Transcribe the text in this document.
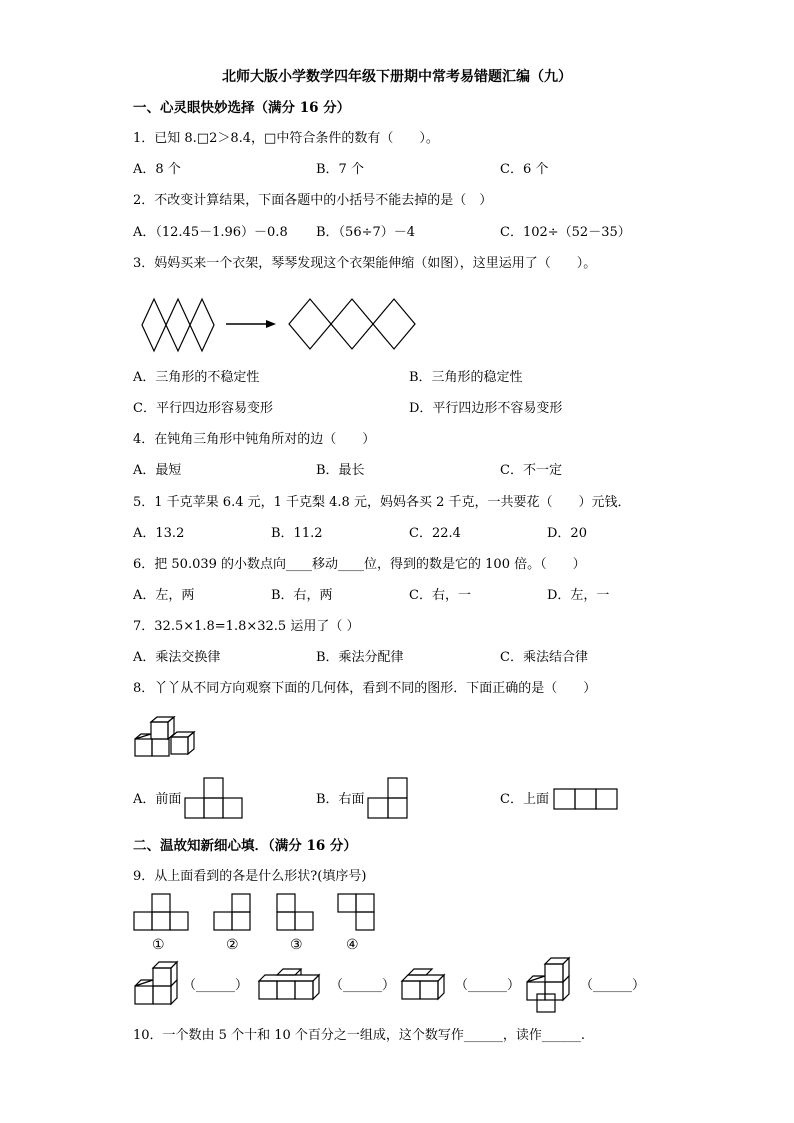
北师大版小学数学四年级下册期中常考易错题汇编（九）
一、心灵眼快妙选择（满分 16 分）
1．已知 8.□2＞8.4，□中符合条件的数有（　　）。
A．8 个	B．7 个	C．6 个
2．不改变计算结果，下面各题中的小括号不能去掉的是（　）
A．（12.45－1.96）－0.8 B．（56÷7）－4	C．102÷（52－35）
3．妈妈买来一个衣架，琴琴发现这个衣架能伸缩（如图），这里运用了（　　）。
A．三角形的不稳定性	B．三角形的稳定性
C．平行四边形容易变形	D．平行四边形不容易变形
4．在钝角三角形中钝角所对的边（　　）
A．最短	B．最长	C．不一定
5．1 千克苹果 6.4 元，1 千克梨 4.8 元，妈妈各买 2 千克，一共要花（　　）元钱．
A．13.2	B．11.2	C．22.4	D．20
6．把 50.039 的小数点向____移动____位，得到的数是它的 100 倍。（　　）
A．左，两	B．右，两	C．右，一	D．左，一
7．32.5×1.8=1.8×32.5 运用了（ ）
A．乘法交换律	B．乘法分配律	C．乘法结合律
8．丫丫从不同方向观察下面的几何体，看到不同的图形．下面正确的是（　　）
A．前面	B．右面	C．上面
二、温故知新细心填．（满分 16 分）
9．从上面看到的各是什么形状?(填序号)
①	②	③	④
（______）	（______）	（______）	（______）
10．一个数由 5 个十和 10 个百分之一组成，这个数写作______，读作______.
